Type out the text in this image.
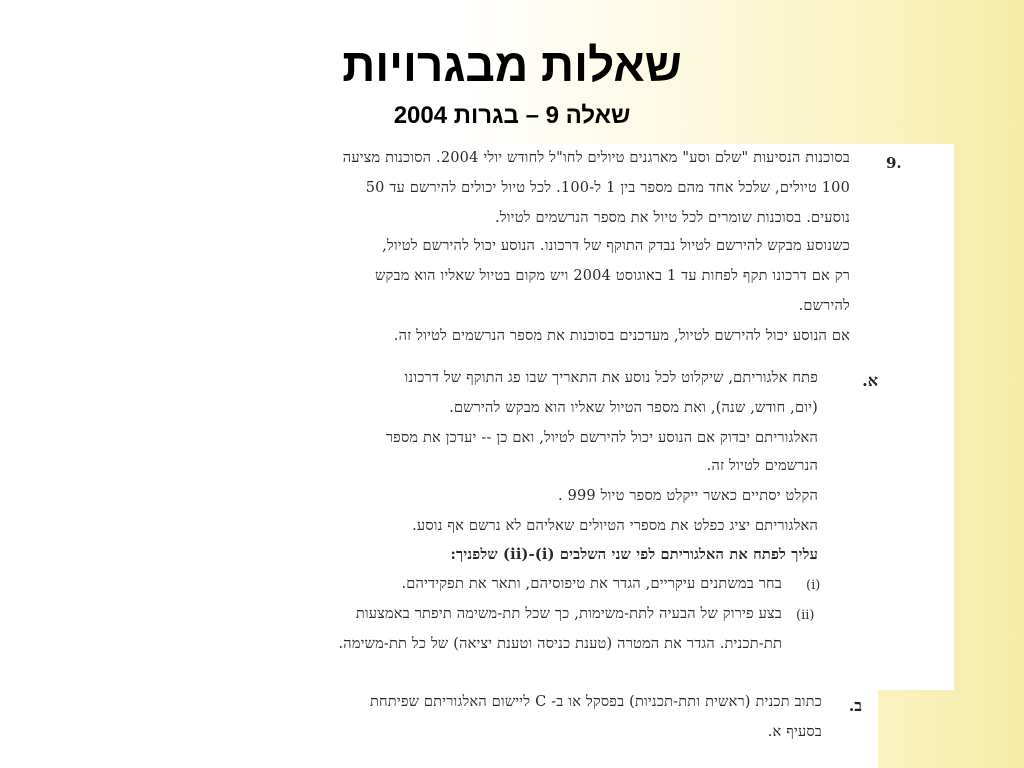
שאלות מבגרויות
שאלה 9 – בגרות 2004
9.
בסוכנות הנסיעות "שלם וסע" מארגנים טיולים לחו"ל לחודש יולי 2004. הסוכנות מציעה
100 טיולים, שלכל אחד מהם מספר בין 1 ל-100. לכל טיול יכולים להירשם עד 50
נוסעים. בסוכנות שומרים לכל טיול את מספר הנרשמים לטיול.
כשנוסע מבקש להירשם לטיול נבדק התוקף של דרכונו. הנוסע יכול להירשם לטיול,
רק אם דרכונו תקף לפחות עד 1 באוגוסט 2004 ויש מקום בטיול שאליו הוא מבקש
להירשם.
אם הנוסע יכול להירשם לטיול, מעדכנים בסוכנות את מספר הנרשמים לטיול זה.
א.
פתח אלגוריתם, שיקלוט לכל נוסע את התאריך שבו פג התוקף של דרכונו
(יום, חודש, שנה), ואת מספר הטיול שאליו הוא מבקש להירשם.
האלגוריתם יבדוק אם הנוסע יכול להירשם לטיול, ואם כן -- יעדכן את מספר
הנרשמים לטיול זה.
הקלט יסתיים כאשר ייקלט מספר טיול 999 .
האלגוריתם יציג כפלט את מספרי הטיולים שאליהם לא נרשם אף נוסע.
עליך לפתח את האלגוריתם לפי שני השלבים (i)-(ii) שלפניך:
(i)
בחר במשתנים עיקריים, הגדר את טיפוסיהם, ותאר את תפקידיהם.
(ii)
בצע פירוק של הבעיה לתת-משימות, כך שכל תת-משימה תיפתר באמצעות
תת-תכנית. הגדר את המטרה (טענת כניסה וטענת יציאה) של כל תת-משימה.
ב.
כתוב תכנית (ראשית ותת-תכניות) בפסקל או ב- C ליישום האלגוריתם שפיתחת
בסעיף א.
